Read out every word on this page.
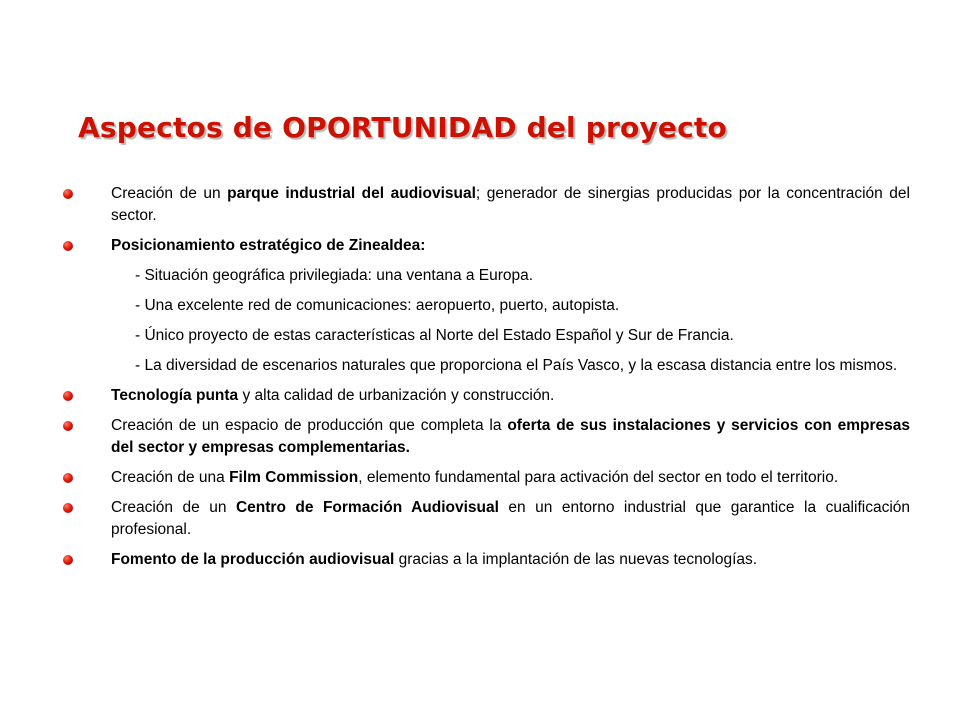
Aspectos de OPORTUNIDAD del proyecto
Creación de un parque industrial del audiovisual; generador de sinergias producidas por la concentración del sector.
Posicionamiento estratégico de ZineaIdea:
- Situación geográfica privilegiada: una ventana a Europa.
- Una excelente red de comunicaciones: aeropuerto, puerto, autopista.
- Único proyecto de estas características al Norte del Estado Español y Sur de Francia.
- La diversidad de escenarios naturales que proporciona el País Vasco, y la escasa distancia entre los mismos.
Tecnología punta y alta calidad de urbanización y construcción.
Creación de un espacio de producción que completa la oferta de sus instalaciones y servicios con empresas del sector y empresas complementarias.
Creación de una Film Commission, elemento fundamental para activación del sector en todo el territorio.
Creación de un Centro de Formación Audiovisual en un entorno industrial que garantice la cualificación profesional.
Fomento de la producción audiovisual gracias a la implantación de las nuevas tecnologías.
